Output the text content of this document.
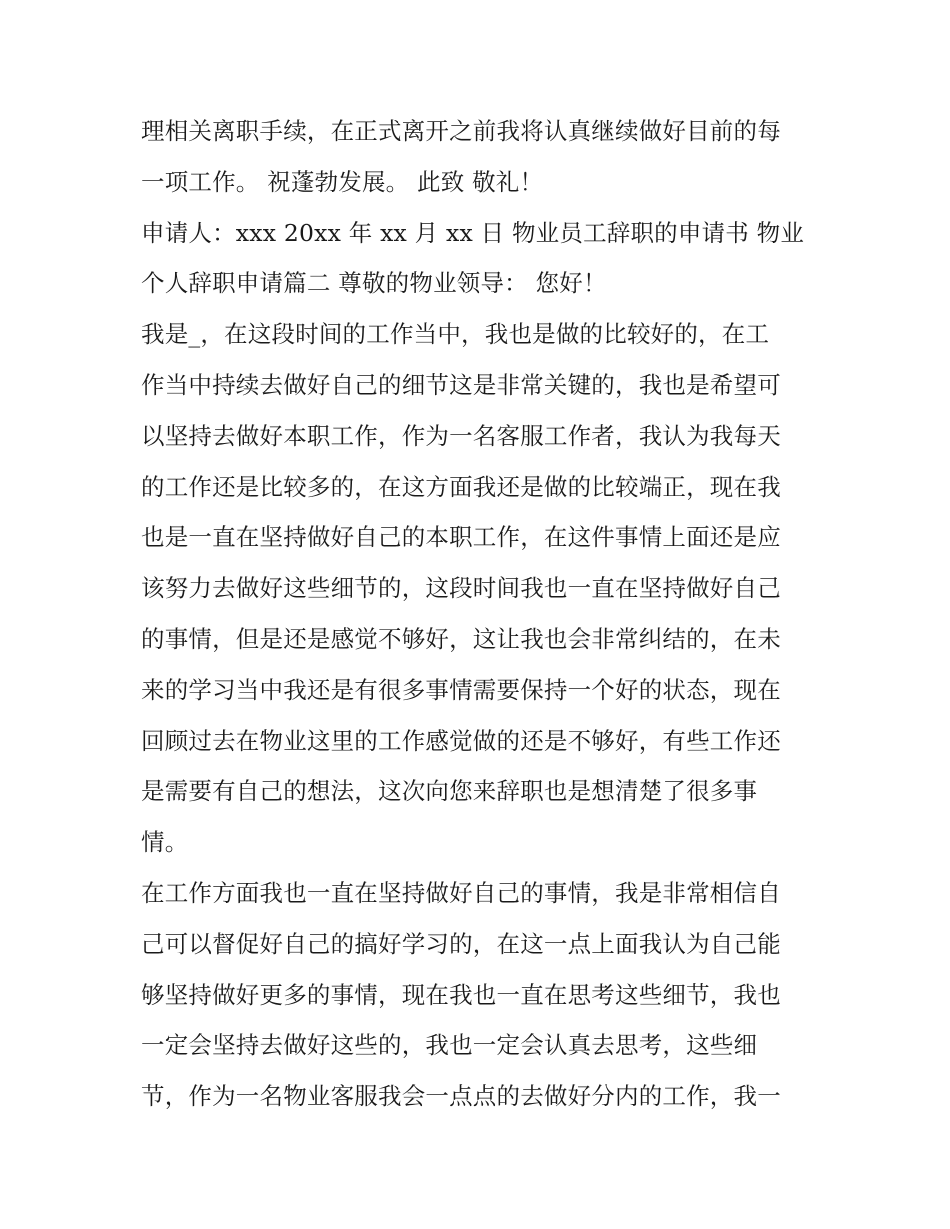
理相关离职手续，在正式离开之前我将认真继续做好目前的每
一项工作。 祝蓬勃发展。 此致 敬礼！
申请人：xxx 20xx 年 xx 月 xx 日 物业员工辞职的申请书 物业
个人辞职申请篇二 尊敬的物业领导： 您好！
我是_，在这段时间的工作当中，我也是做的比较好的，在工
作当中持续去做好自己的细节这是非常关键的，我也是希望可
以坚持去做好本职工作，作为一名客服工作者，我认为我每天
的工作还是比较多的，在这方面我还是做的比较端正，现在我
也是一直在坚持做好自己的本职工作，在这件事情上面还是应
该努力去做好这些细节的，这段时间我也一直在坚持做好自己
的事情，但是还是感觉不够好，这让我也会非常纠结的，在未
来的学习当中我还是有很多事情需要保持一个好的状态，现在
回顾过去在物业这里的工作感觉做的还是不够好，有些工作还
是需要有自己的想法，这次向您来辞职也是想清楚了很多事
情。
在工作方面我也一直在坚持做好自己的事情，我是非常相信自
己可以督促好自己的搞好学习的，在这一点上面我认为自己能
够坚持做好更多的事情，现在我也一直在思考这些细节，我也
一定会坚持去做好这些的，我也一定会认真去思考，这些细
节，作为一名物业客服我会一点点的去做好分内的工作，我一
